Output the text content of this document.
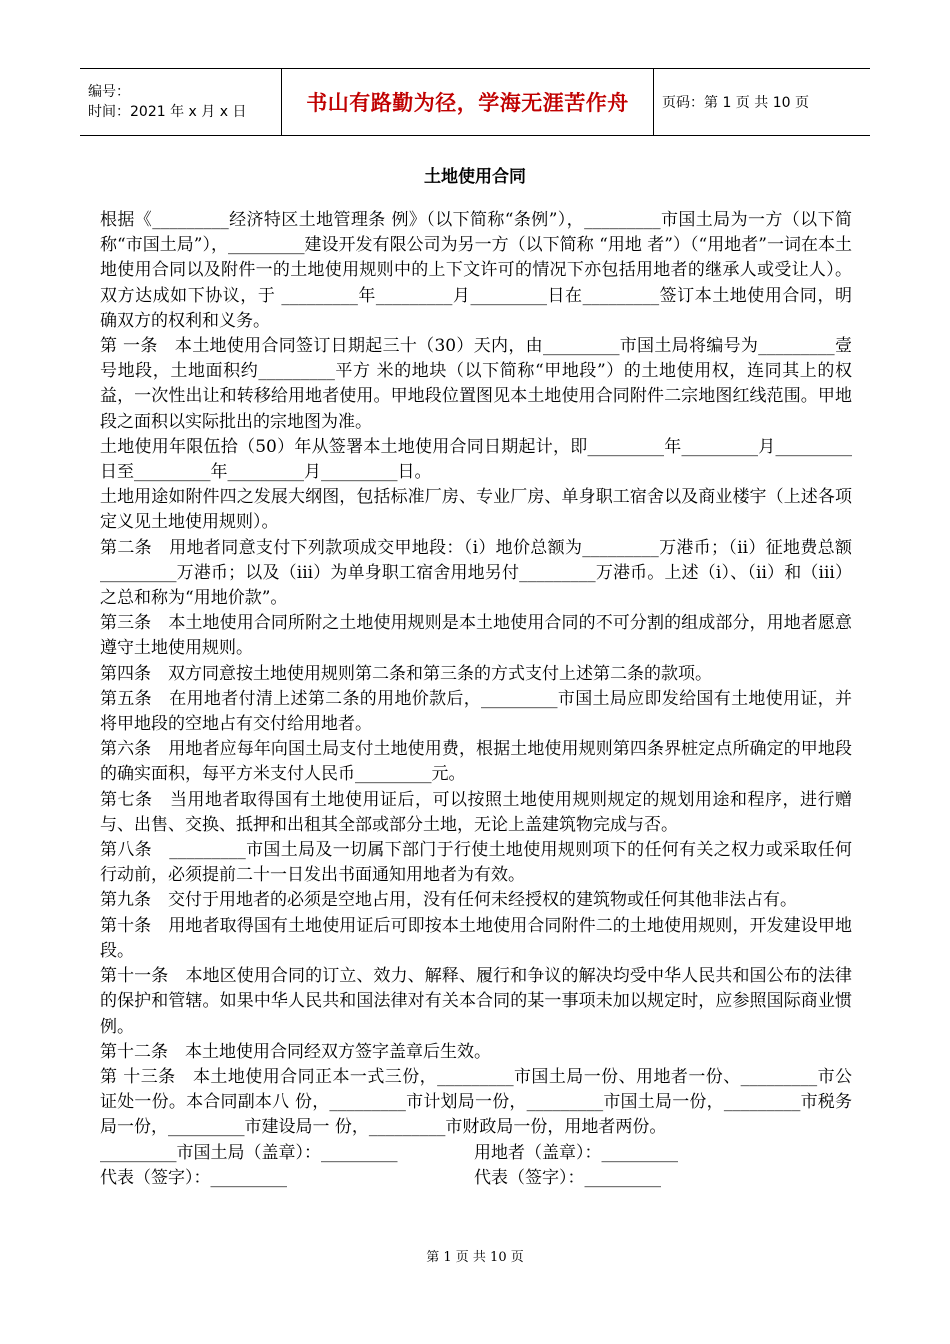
编号：
时间：2021 年 x 月 x 日	书山有路勤为径，学海无涯苦作舟	页码：第 1 页 共 10 页
土地使用合同

根据《_________经济特区土地管理条 例》（以下简称“条例”），_________市国土局为一方（以下简称“市国土局”），_________建设开发有限公司为另一方（以下简称 “用地 者”）（“用地者”一词在本土地使用合同以及附件一的土地使用规则中的上下文许可的情况下亦包括用地者的继承人或受让人）。双方达成如下协议，于 _________年_________月_________日在_________签订本土地使用合同，明确双方的权利和义务。

第 一条　本土地使用合同签订日期起三十（30）天内，由_________市国土局将编号为_________壹号地段，土地面积约_________平方 米的地块（以下简称“甲地段”）的土地使用权，连同其上的权益，一次性出让和转移给用地者使用。甲地段位置图见本土地使用合同附件二宗地图红线范围。甲地 段之面积以实际批出的宗地图为准。

土地使用年限伍拾（50）年从签署本土地使用合同日期起计，即_________年_________月_________日至_________年_________月_________日。

土地用途如附件四之发展大纲图，包括标准厂房、专业厂房、单身职工宿舍以及商业楼宇（上述各项定义见土地使用规则）。

第二条　用地者同意支付下列款项成交甲地段：（i）地价总额为_________万港币；（ii）征地费总额_________万港币；以及（iii）为单身职工宿舍用地另付_________万港币。上述（i）、（ii）和（iii）之总和称为“用地价款”。

第三条　本土地使用合同所附之土地使用规则是本土地使用合同的不可分割的组成部分，用地者愿意遵守土地使用规则。

第四条　双方同意按土地使用规则第二条和第三条的方式支付上述第二条的款项。

第五条　在用地者付清上述第二条的用地价款后，_________市国土局应即发给国有土地使用证，并将甲地段的空地占有交付给用地者。

第六条　用地者应每年向国土局支付土地使用费，根据土地使用规则第四条界桩定点所确定的甲地段的确实面积，每平方米支付人民币_________元。

第七条　当用地者取得国有土地使用证后，可以按照土地使用规则规定的规划用途和程序，进行赠与、出售、交换、抵押和出租其全部或部分土地，无论上盖建筑物完成与否。

第八条　_________市国土局及一切属下部门于行使土地使用规则项下的任何有关之权力或采取任何行动前，必须提前二十一日发出书面通知用地者为有效。

第九条　交付于用地者的必须是空地占用，没有任何未经授权的建筑物或任何其他非法占有。

第十条　用地者取得国有土地使用证后可即按本土地使用合同附件二的土地使用规则，开发建设甲地段。

第十一条　本地区使用合同的订立、效力、解释、履行和争议的解决均受中华人民共和国公布的法律的保护和管辖。如果中华人民共和国法律对有关本合同的某一事项未加以规定时，应参照国际商业惯例。

第十二条　本土地使用合同经双方签字盖章后生效。

第 十三条　本土地使用合同正本一式三份，_________市国土局一份、用地者一份、_________市公证处一份。本合同副本八 份，_________市计划局一份，_________市国土局一份，_________市税务局一份，_________市建设局一 份，_________市财政局一份，用地者两份。

_________市国土局（盖章）：_________	用地者（盖章）：_________
代表（签字）：_________	代表（签字）：_________
第 1 页 共 10 页
